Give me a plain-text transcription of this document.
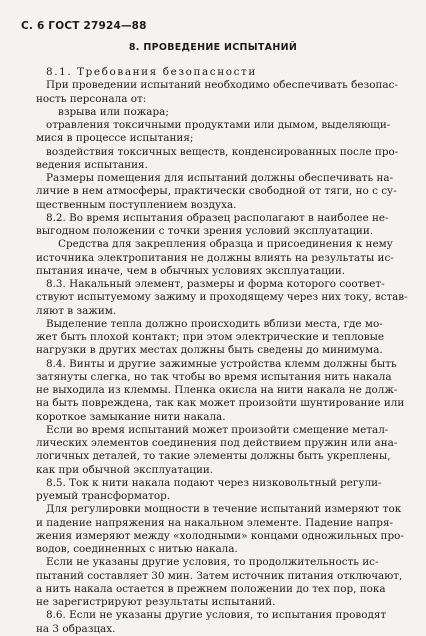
С. 6 ГОСТ 27924—88
8. ПРОВЕДЕНИЕ ИСПЫТАНИЙ
8.1. Требования безопасности
При проведении испытаний необходимо обеспечивать безопас-
ность персонала от:
взрыва или пожара;
отравления токсичными продуктами или дымом, выделяющи-
мися в процессе испытания;
воздействия токсичных веществ, конденсированных после про-
ведения испытания.
Размеры помещения для испытаний должны обеспечивать на-
личие в нем атмосферы, практически свободной от тяги, но с су-
щественным поступлением воздуха.
8.2. Во время испытания образец располагают в наиболее не-
выгодном положении с точки зрения условий эксплуатации.
Средства для закрепления образца и присоединения к нему
источника электропитания не должны влиять на результаты ис-
пытания иначе, чем в обычных условиях эксплуатации.
8.3. Накальный элемент, размеры и форма которого соответ-
ствуют испытуемому зажиму и проходящему через них току, встав-
ляют в зажим.
Выделение тепла должно происходить вблизи места, где мо-
жет быть плохой контакт; при этом электрические и тепловые
нагрузки в других местах должны быть сведены до минимума.
8.4. Винты и другие зажимные устройства клемм должны быть
затянуты слегка, но так чтобы во время испытания нить накала
не выходила из клеммы. Пленка окисла на нити накала не долж-
на быть повреждена, так как может произойти шунтирование или
короткое замыкание нити накала.
Если во время испытаний может произойти смещение метал-
лических элементов соединения под действием пружин или ана-
логичных деталей, то такие элементы должны быть укреплены,
как при обычной эксплуатации.
8.5. Ток к нити накала подают через низковольтный регули-
руемый трансформатор.
Для регулировки мощности в течение испытаний измеряют ток
и падение напряжения на накальном элементе. Падение напря-
жения измеряют между «холодными» концами одножильных про-
водов, соединенных с нитью накала.
Если не указаны другие условия, то продолжительность ис-
пытаний составляет 30 мин. Затем источник питания отключают,
а нить накала остается в прежнем положении до тех пор, пока
не зарегистрируют результаты испытаний.
8.6. Если не указаны другие условия, то испытания проводят
на 3 образцах.
